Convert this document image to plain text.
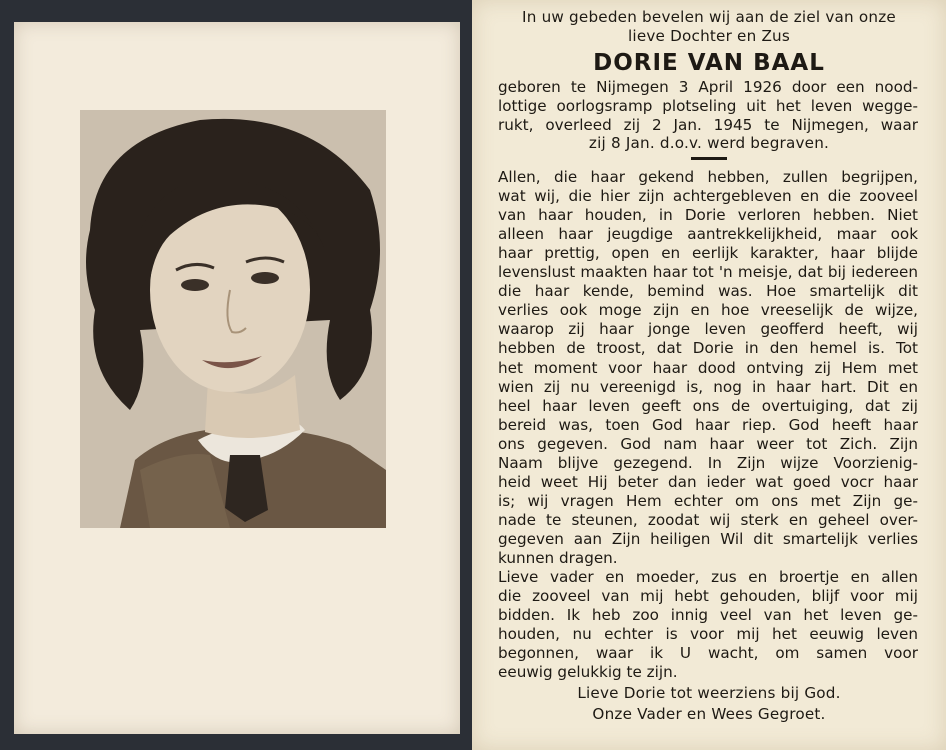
In uw gebeden bevelen wij aan de ziel van onze
lieve Dochter en Zus
DORIE VAN BAAL
geboren te Nijmegen 3 April 1926 door een nood-
lottige oorlogsramp plotseling uit het leven wegge-
rukt, overleed zij 2 Jan. 1945 te Nijmegen, waar
zij 8 Jan. d.o.v. werd begraven.
Allen, die haar gekend hebben, zullen begrijpen,
wat wij, die hier zijn achtergebleven en die zooveel
van haar houden, in Dorie verloren hebben. Niet
alleen haar jeugdige aantrekkelijkheid, maar ook
haar prettig, open en eerlijk karakter, haar blijde
levenslust maakten haar tot 'n meisje, dat bij iedereen
die haar kende, bemind was. Hoe smartelijk dit
verlies ook moge zijn en hoe vreeselijk de wijze,
waarop zij haar jonge leven geofferd heeft, wij
hebben de troost, dat Dorie in den hemel is. Tot
het moment voor haar dood ontving zij Hem met
wien zij nu vereenigd is, nog in haar hart. Dit en
heel haar leven geeft ons de overtuiging, dat zij
bereid was, toen God haar riep. God heeft haar
ons gegeven. God nam haar weer tot Zich. Zijn
Naam blijve gezegend. In Zijn wijze Voorzienig-
heid weet Hij beter dan ieder wat goed vocr haar
is; wij vragen Hem echter om ons met Zijn ge-
nade te steunen, zoodat wij sterk en geheel over-
gegeven aan Zijn heiligen Wil dit smartelijk verlies
kunnen dragen.
Lieve vader en moeder, zus en broertje en allen
die zooveel van mij hebt gehouden, blijf voor mij
bidden. Ik heb zoo innig veel van het leven ge-
houden, nu echter is voor mij het eeuwig leven
begonnen, waar ik U wacht, om samen voor
eeuwig gelukkig te zijn.
Lieve Dorie tot weerziens bij God.
Onze Vader en Wees Gegroet.
